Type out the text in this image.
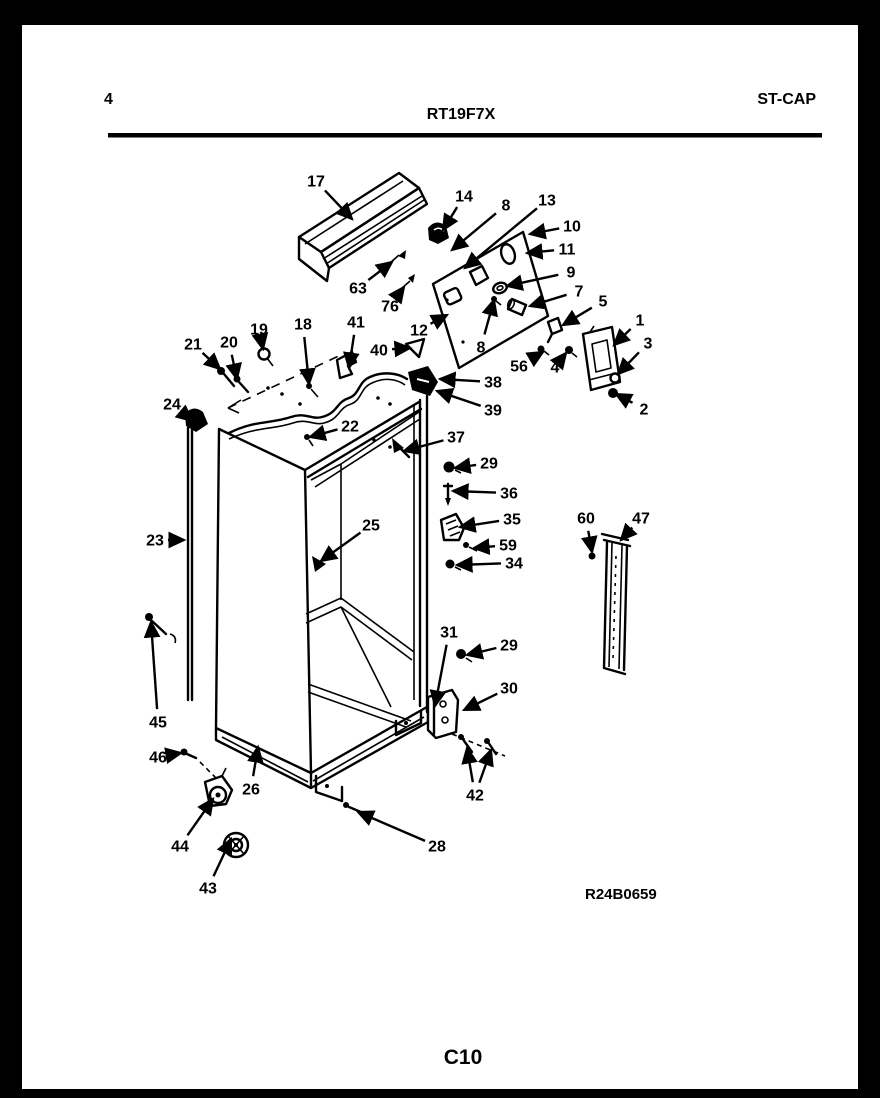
4
RT19F7X
ST-CAP
17
14
8 13
10
11
9
7
5
63
76
12
8
56 4
1
3
2
21 20
19 18 41
40
38
39
22
37
24
29
36
35
59
34
25
23
60 47
31
29
30
42
45
46
26
44
43
28
R24B0659
C10
